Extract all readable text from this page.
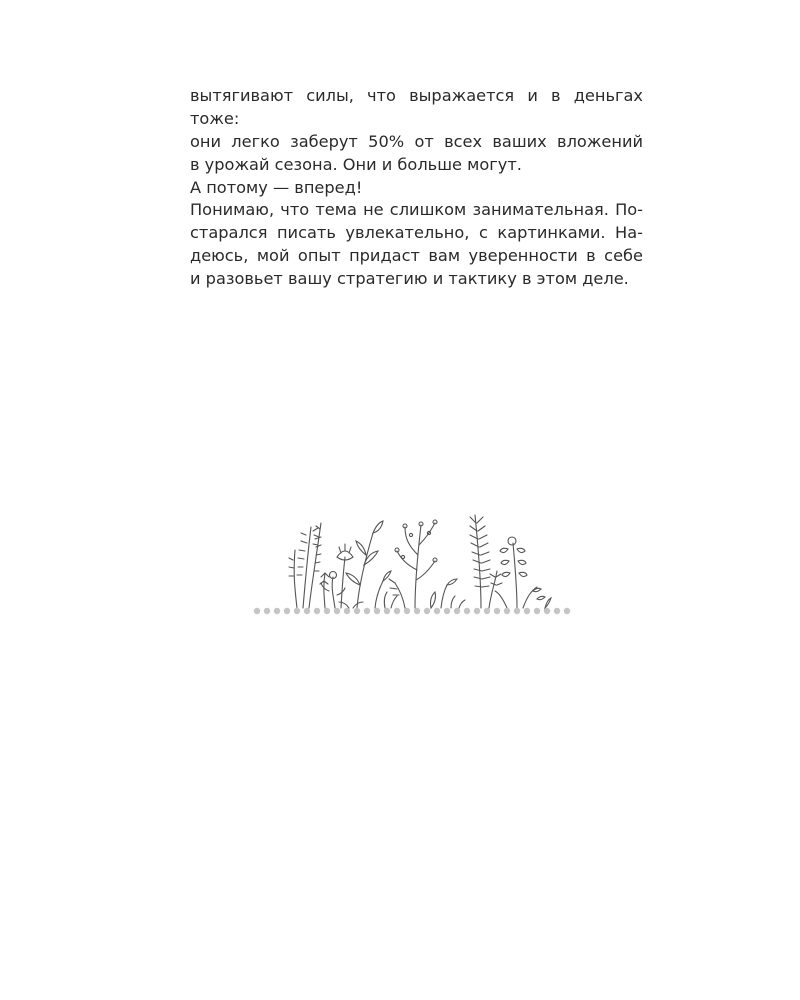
вытягивают силы, что выражается и в деньгах тоже:
они легко заберут 50% от всех ваших вложений
в урожай сезона. Они и больше могут.
А потому — вперед!
Понимаю, что тема не слишком занимательная. По-
старался писать увлекательно, с картинками. На-
деюсь, мой опыт придаст вам уверенности в себе
и разовьет вашу стратегию и тактику в этом деле.
